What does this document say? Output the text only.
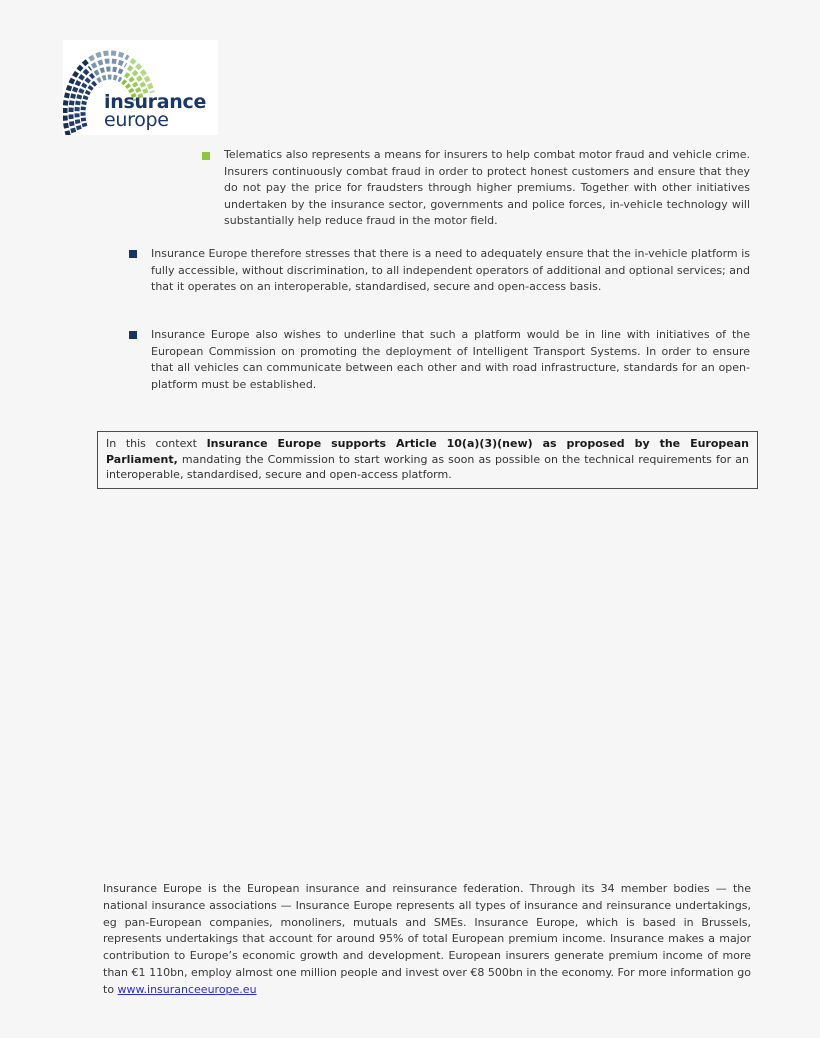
insurance
europe
Telematics also represents a means for insurers to help combat motor fraud and vehicle crime. Insurers continuously combat fraud in order to protect honest customers and ensure that they do not pay the price for fraudsters through higher premiums. Together with other initiatives undertaken by the insurance sector, governments and police forces, in-vehicle technology will substantially help reduce fraud in the motor field.
Insurance Europe therefore stresses that there is a need to adequately ensure that the in-vehicle platform is fully accessible, without discrimination, to all independent operators of additional and optional services; and that it operates on an interoperable, standardised, secure and open-access basis.
Insurance Europe also wishes to underline that such a platform would be in line with initiatives of the European Commission on promoting the deployment of Intelligent Transport Systems. In order to ensure that all vehicles can communicate between each other and with road infrastructure, standards for an open-platform must be established.
In this context Insurance Europe supports Article 10(a)(3)(new) as proposed by the European Parliament, mandating the Commission to start working as soon as possible on the technical requirements for an interoperable, standardised, secure and open-access platform.
Insurance Europe is the European insurance and reinsurance federation. Through its 34 member bodies — the national insurance associations — Insurance Europe represents all types of insurance and reinsurance undertakings, eg pan-European companies, monoliners, mutuals and SMEs. Insurance Europe, which is based in Brussels, represents undertakings that account for around 95% of total European premium income. Insurance makes a major contribution to Europe’s economic growth and development. European insurers generate premium income of more than €1 110bn, employ almost one million people and invest over €8 500bn in the economy. For more information go to www.insuranceeurope.eu
